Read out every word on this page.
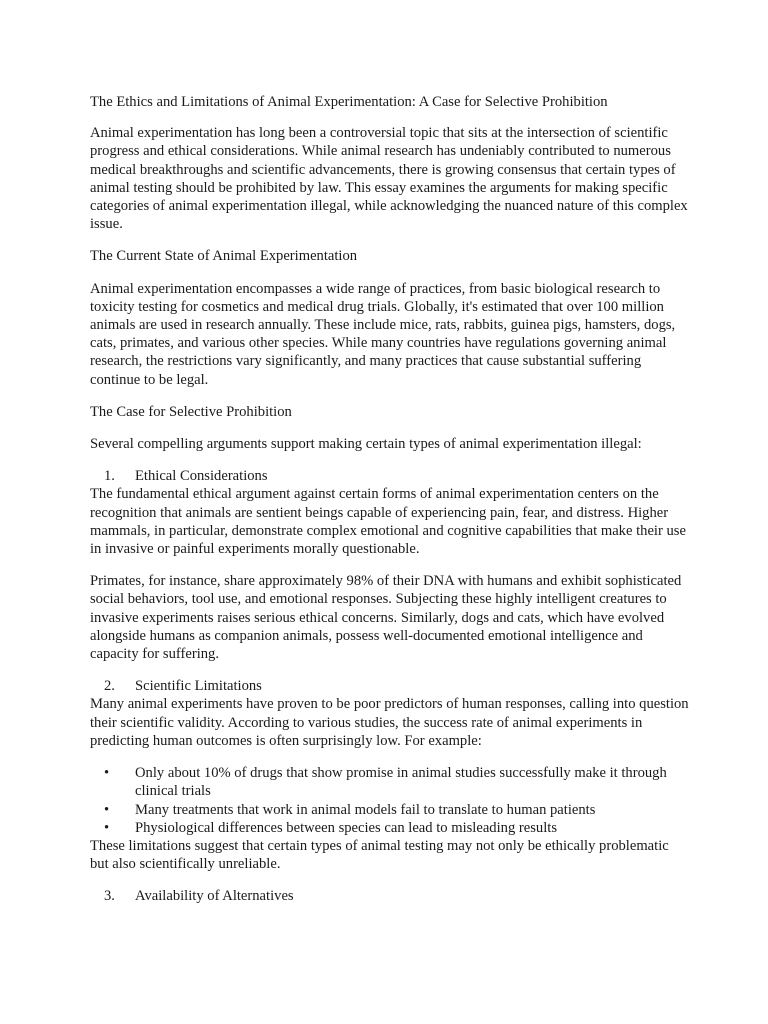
The Ethics and Limitations of Animal Experimentation: A Case for Selective Prohibition

Animal experimentation has long been a controversial topic that sits at the intersection of scientific progress and ethical considerations. While animal research has undeniably contributed to numerous medical breakthroughs and scientific advancements, there is growing consensus that certain types of animal testing should be prohibited by law. This essay examines the arguments for making specific categories of animal experimentation illegal, while acknowledging the nuanced nature of this complex issue.

The Current State of Animal Experimentation

Animal experimentation encompasses a wide range of practices, from basic biological research to toxicity testing for cosmetics and medical drug trials. Globally, it's estimated that over 100 million animals are used in research annually. These include mice, rats, rabbits, guinea pigs, hamsters, dogs, cats, primates, and various other species. While many countries have regulations governing animal research, the restrictions vary significantly, and many practices that cause substantial suffering continue to be legal.

The Case for Selective Prohibition

Several compelling arguments support making certain types of animal experimentation illegal:

1.	Ethical Considerations

The fundamental ethical argument against certain forms of animal experimentation centers on the recognition that animals are sentient beings capable of experiencing pain, fear, and distress. Higher mammals, in particular, demonstrate complex emotional and cognitive capabilities that make their use in invasive or painful experiments morally questionable.

Primates, for instance, share approximately 98% of their DNA with humans and exhibit sophisticated social behaviors, tool use, and emotional responses. Subjecting these highly intelligent creatures to invasive experiments raises serious ethical concerns. Similarly, dogs and cats, which have evolved alongside humans as companion animals, possess well-documented emotional intelligence and capacity for suffering.

2.	Scientific Limitations

Many animal experiments have proven to be poor predictors of human responses, calling into question their scientific validity. According to various studies, the success rate of animal experiments in predicting human outcomes is often surprisingly low. For example:

•	Only about 10% of drugs that show promise in animal studies successfully make it through clinical trials
•	Many treatments that work in animal models fail to translate to human patients
•	Physiological differences between species can lead to misleading results

These limitations suggest that certain types of animal testing may not only be ethically problematic but also scientifically unreliable.

3.	Availability of Alternatives
